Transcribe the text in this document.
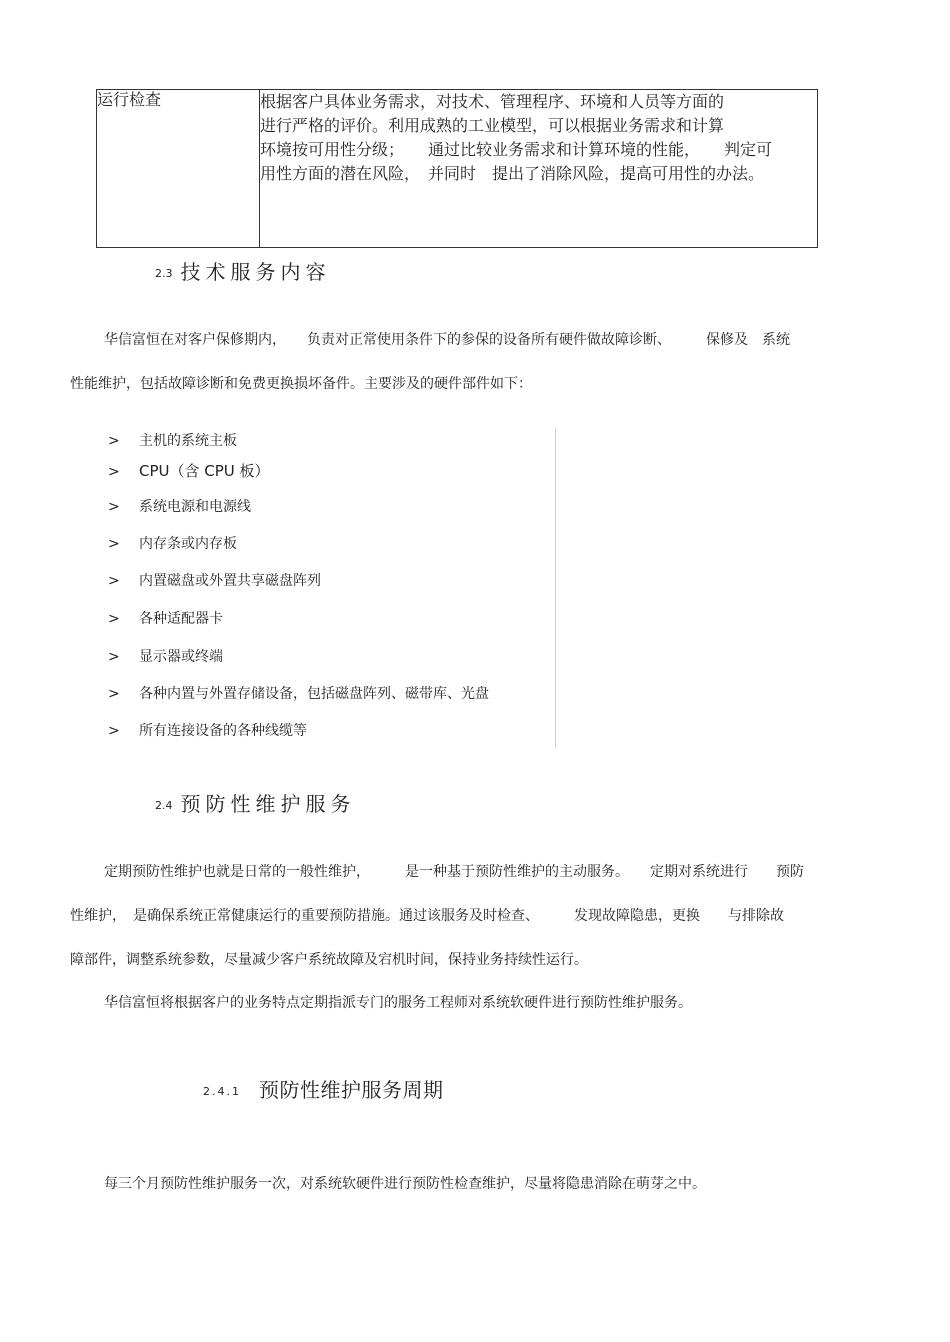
运行检查	根据客户具体业务需求，对技术、管理程序、环境和人员等方面的
进行严格的评价。利用成熟的工业模型，可以根据业务需求和计算
环境按可用性分级；　　通过比较业务需求和计算环境的性能，　　判定可
用性方面的潜在风险，　并同时　提出了消除风险，提高可用性的办法。
2.3 技术服务内容
华信富恒在对客户保修期内，　　负责对正常使用条件下的参保的设备所有硬件做故障诊断、　　　保修及　系统
性能维护，包括故障诊断和免费更换损坏备件。主要涉及的硬件部件如下：
> 主机的系统主板
> CPU（含 CPU 板）
> 系统电源和电源线
> 内存条或内存板
> 内置磁盘或外置共享磁盘阵列
> 各种适配器卡
> 显示器或终端
> 各种内置与外置存储设备，包括磁盘阵列、磁带库、光盘
> 所有连接设备的各种线缆等
2.4 预防性维护服务
定期预防性维护也就是日常的一般性维护，　　　是一种基于预防性维护的主动服务。　　定期对系统进行　　预防
性维护，　是确保系统正常健康运行的重要预防措施。通过该服务及时检查、　　　发现故障隐患，更换　　与排除故
障部件，调整系统参数，尽量减少客户系统故障及宕机时间，保持业务持续性运行。
华信富恒将根据客户的业务特点定期指派专门的服务工程师对系统软硬件进行预防性维护服务。
2.4.1 预防性维护服务周期
每三个月预防性维护服务一次，对系统软硬件进行预防性检查维护，尽量将隐患消除在萌芽之中。
